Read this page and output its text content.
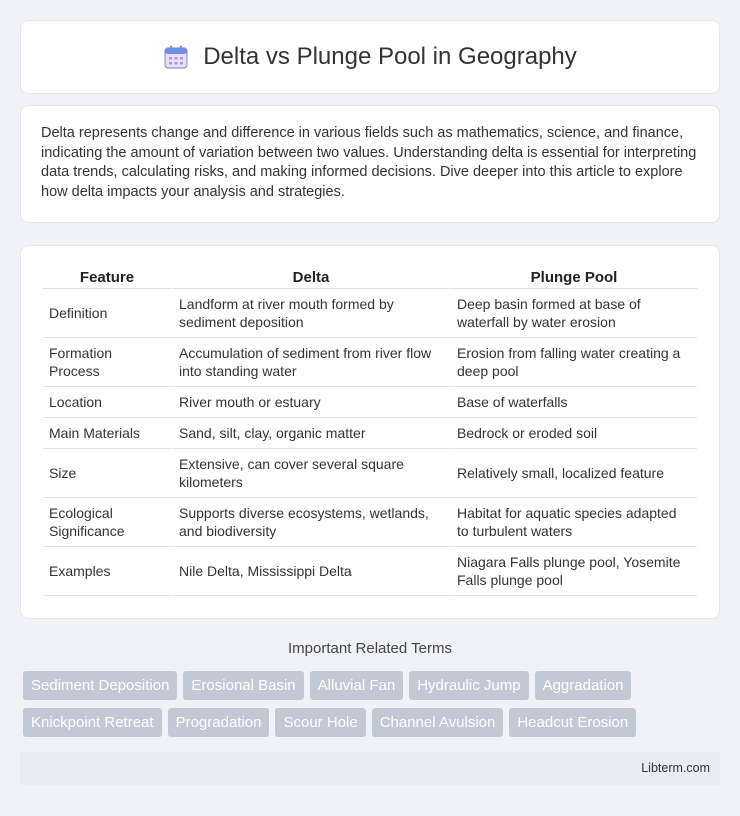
Delta vs Plunge Pool in Geography

Delta represents change and difference in various fields such as mathematics, science, and finance, indicating the amount of variation between two values. Understanding delta is essential for interpreting data trends, calculating risks, and making informed decisions. Dive deeper into this article to explore how delta impacts your analysis and strategies.

Feature	Delta	Plunge Pool
Definition	Landform at river mouth formed by sediment deposition	Deep basin formed at base of waterfall by water erosion
Formation Process	Accumulation of sediment from river flow into standing water	Erosion from falling water creating a deep pool
Location	River mouth or estuary	Base of waterfalls
Main Materials	Sand, silt, clay, organic matter	Bedrock or eroded soil
Size	Extensive, can cover several square kilometers	Relatively small, localized feature
Ecological Significance	Supports diverse ecosystems, wetlands, and biodiversity	Habitat for aquatic species adapted to turbulent waters
Examples	Nile Delta, Mississippi Delta	Niagara Falls plunge pool, Yosemite Falls plunge pool
Important Related Terms
Sediment Deposition Erosional Basin Alluvial Fan Hydraulic Jump Aggradation
Knickpoint Retreat Progradation Scour Hole Channel Avulsion Headcut Erosion
Libterm.com
